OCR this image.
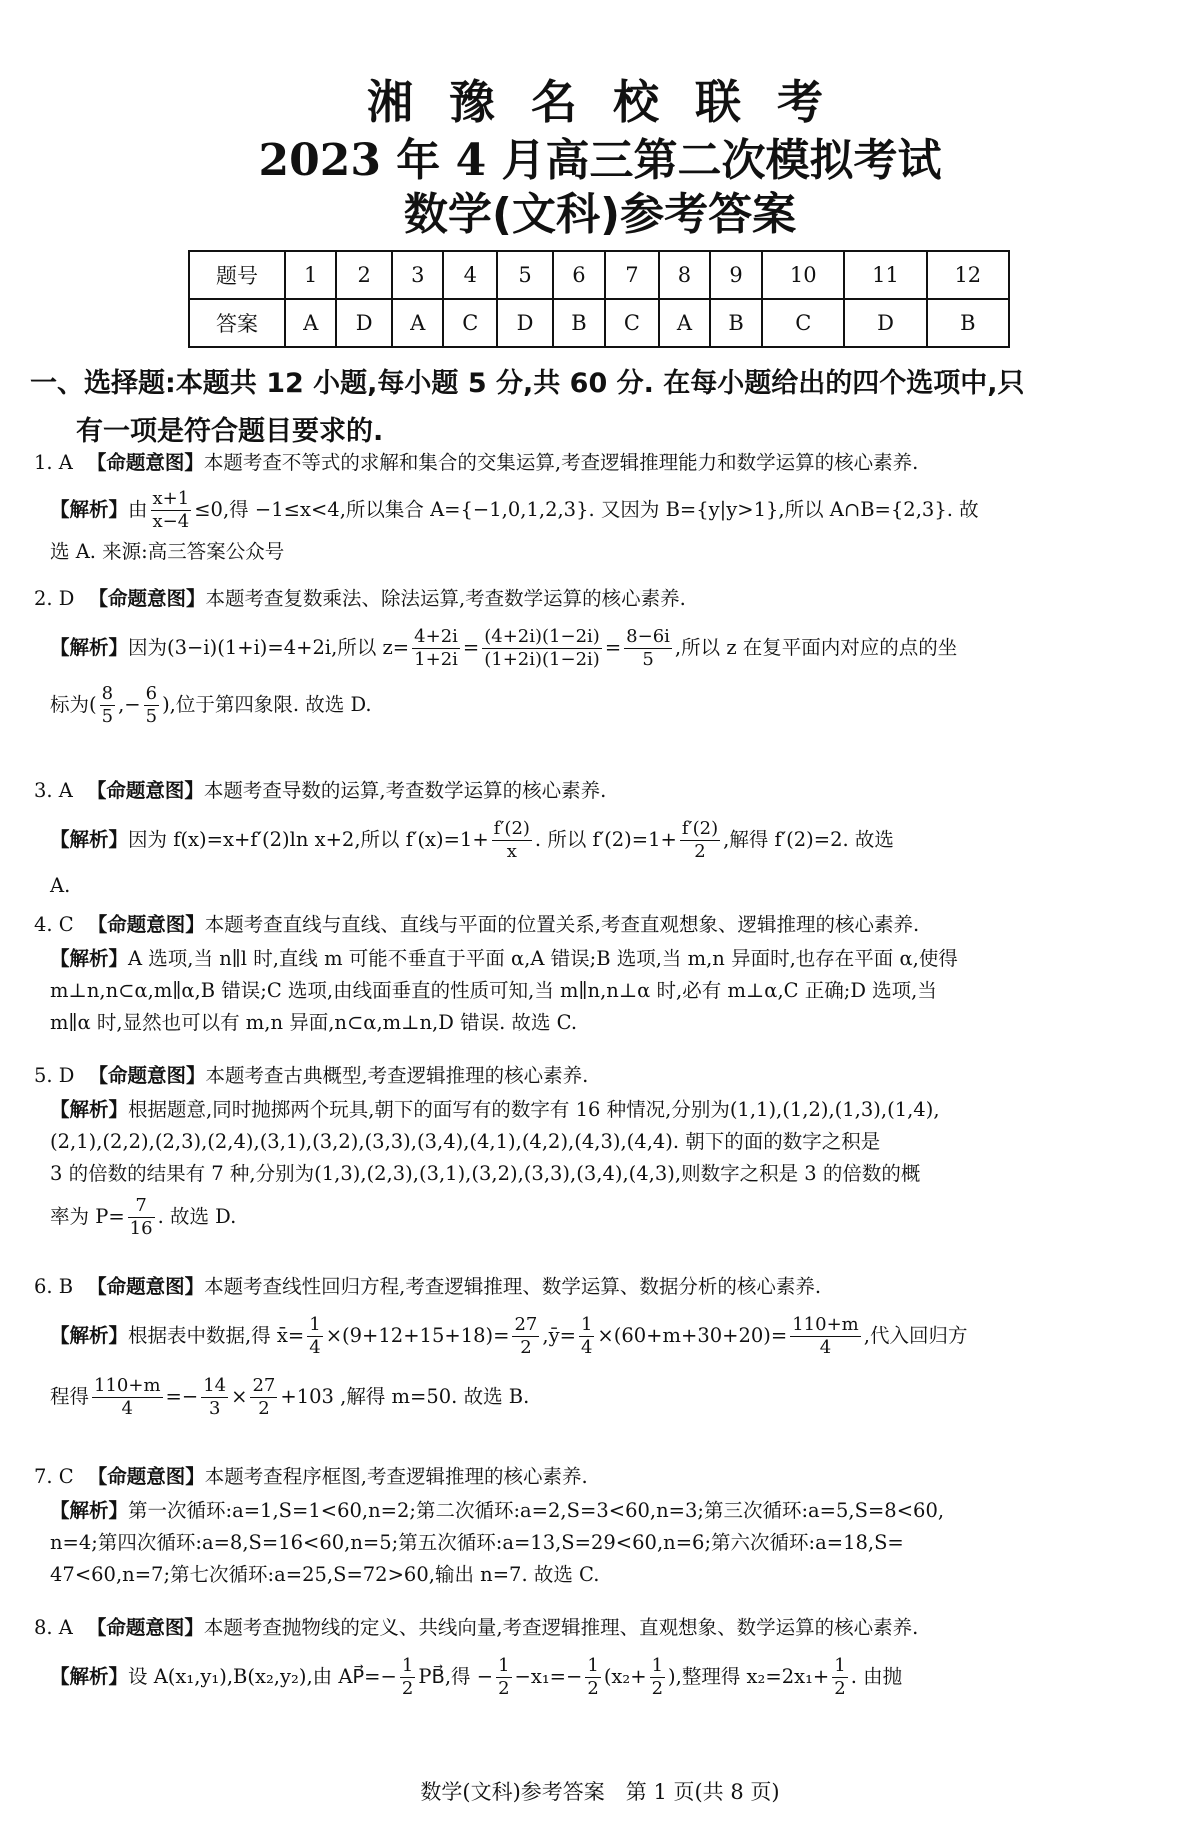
湘 豫 名 校 联 考
2023 年 4 月高三第二次模拟考试
数学(文科)参考答案
题号	1	2	3	4	5	6	7	8	9	10	11	12
答案	A	D	A	C	D	B	C	A	B	C	D	B
一、选择题:本题共 12 小题,每小题 5 分,共 60 分. 在每小题给出的四个选项中,只
有一项是符合题目要求的.
1. A 【命题意图】本题考查不等式的求解和集合的交集运算,考查逻辑推理能力和数学运算的核心素养.
【解析】由 $\frac{x+1}{x-4} \le 0$,得 −1≤x<4,所以集合 A={−1,0,1,2,3}. 又因为 B={y|y>1},所以 A∩B={2,3}. 故
选 A. 来源:高三答案公众号
2. D 【命题意图】本题考查复数乘法、除法运算,考查数学运算的核心素养.
【解析】因为(3−i)(1+i)=4+2i,所以 $z= \frac{4+2i}{1+2i} = \frac{(4+2i)(1-2i)}{(1+2i)(1-2i)} = \frac{8-6i}{5}$ ,所以 z 在复平面内对应的点的坐
标为( $\frac{8}{5}$ ,− $\frac{6}{5}$ ),位于第四象限. 故选 D.
3. A 【命题意图】本题考查导数的运算,考查数学运算的核心素养.
【解析】因为 f(x)=x+f′(2)ln x+2,所以 $f'(x)=1+ \frac{f'(2)}{x}$ . 所以 $f'(2)=1+ \frac{f'(2)}{2}$ ,解得 f′(2)=2. 故选
A.
4. C 【命题意图】本题考查直线与直线、直线与平面的位置关系,考查直观想象、逻辑推理的核心素养.
【解析】A 选项,当 n∥l 时,直线 m 可能不垂直于平面 α,A 错误;B 选项,当 m,n 异面时,也存在平面 α,使得
m⊥n,n⊂α,m∥α,B 错误;C 选项,由线面垂直的性质可知,当 m∥n,n⊥α 时,必有 m⊥α,C 正确;D 选项,当
m∥α 时,显然也可以有 m,n 异面,n⊂α,m⊥n,D 错误. 故选 C.
5. D 【命题意图】本题考查古典概型,考查逻辑推理的核心素养.
【解析】根据题意,同时抛掷两个玩具,朝下的面写有的数字有 16 种情况,分别为(1,1),(1,2),(1,3),(1,4),
(2,1),(2,2),(2,3),(2,4),(3,1),(3,2),(3,3),(3,4),(4,1),(4,2),(4,3),(4,4). 朝下的面的数字之积是
3 的倍数的结果有 7 种,分别为(1,3),(2,3),(3,1),(3,2),(3,3),(3,4),(4,3),则数字之积是 3 的倍数的概
率为 $P= \frac{7}{16}$ . 故选 D.
6. B 【命题意图】本题考查线性回归方程,考查逻辑推理、数学运算、数据分析的核心素养.
【解析】根据表中数据,得 x̄= $\frac{1}{4} \times(9+12+15+18)= \frac{27}{2}$ ,ȳ= $\frac{1}{4} \times(60+m+30+20)= \frac{110+m}{4}$ ,代入回归方
程得 $\frac{110+m}{4} =- \frac{14}{3} \times \frac{27}{2} +103$ ,解得 m=50. 故选 B.
7. C 【命题意图】本题考查程序框图,考查逻辑推理的核心素养.
【解析】第一次循环:a=1,S=1<60,n=2;第二次循环:a=2,S=3<60,n=3;第三次循环:a=5,S=8<60,
n=4;第四次循环:a=8,S=16<60,n=5;第五次循环:a=13,S=29<60,n=6;第六次循环:a=18,S=
47<60,n=7;第七次循环:a=25,S=72>60,输出 n=7. 故选 C.
8. A 【命题意图】本题考查抛物线的定义、共线向量,考查逻辑推理、直观想象、数学运算的核心素养.
【解析】设 A(x₁,y₁),B(x₂,y₂),由 AP⃗=− $\frac{1}{2}$ PB⃗,得 − $\frac{1}{2} -x_1=- \frac{1}{2} (x_2+ \frac{1}{2}$ ),整理得 $x_2=2x_1+ \frac{1}{2}$ . 由抛
数学(文科)参考答案　第 1 页(共 8 页)
